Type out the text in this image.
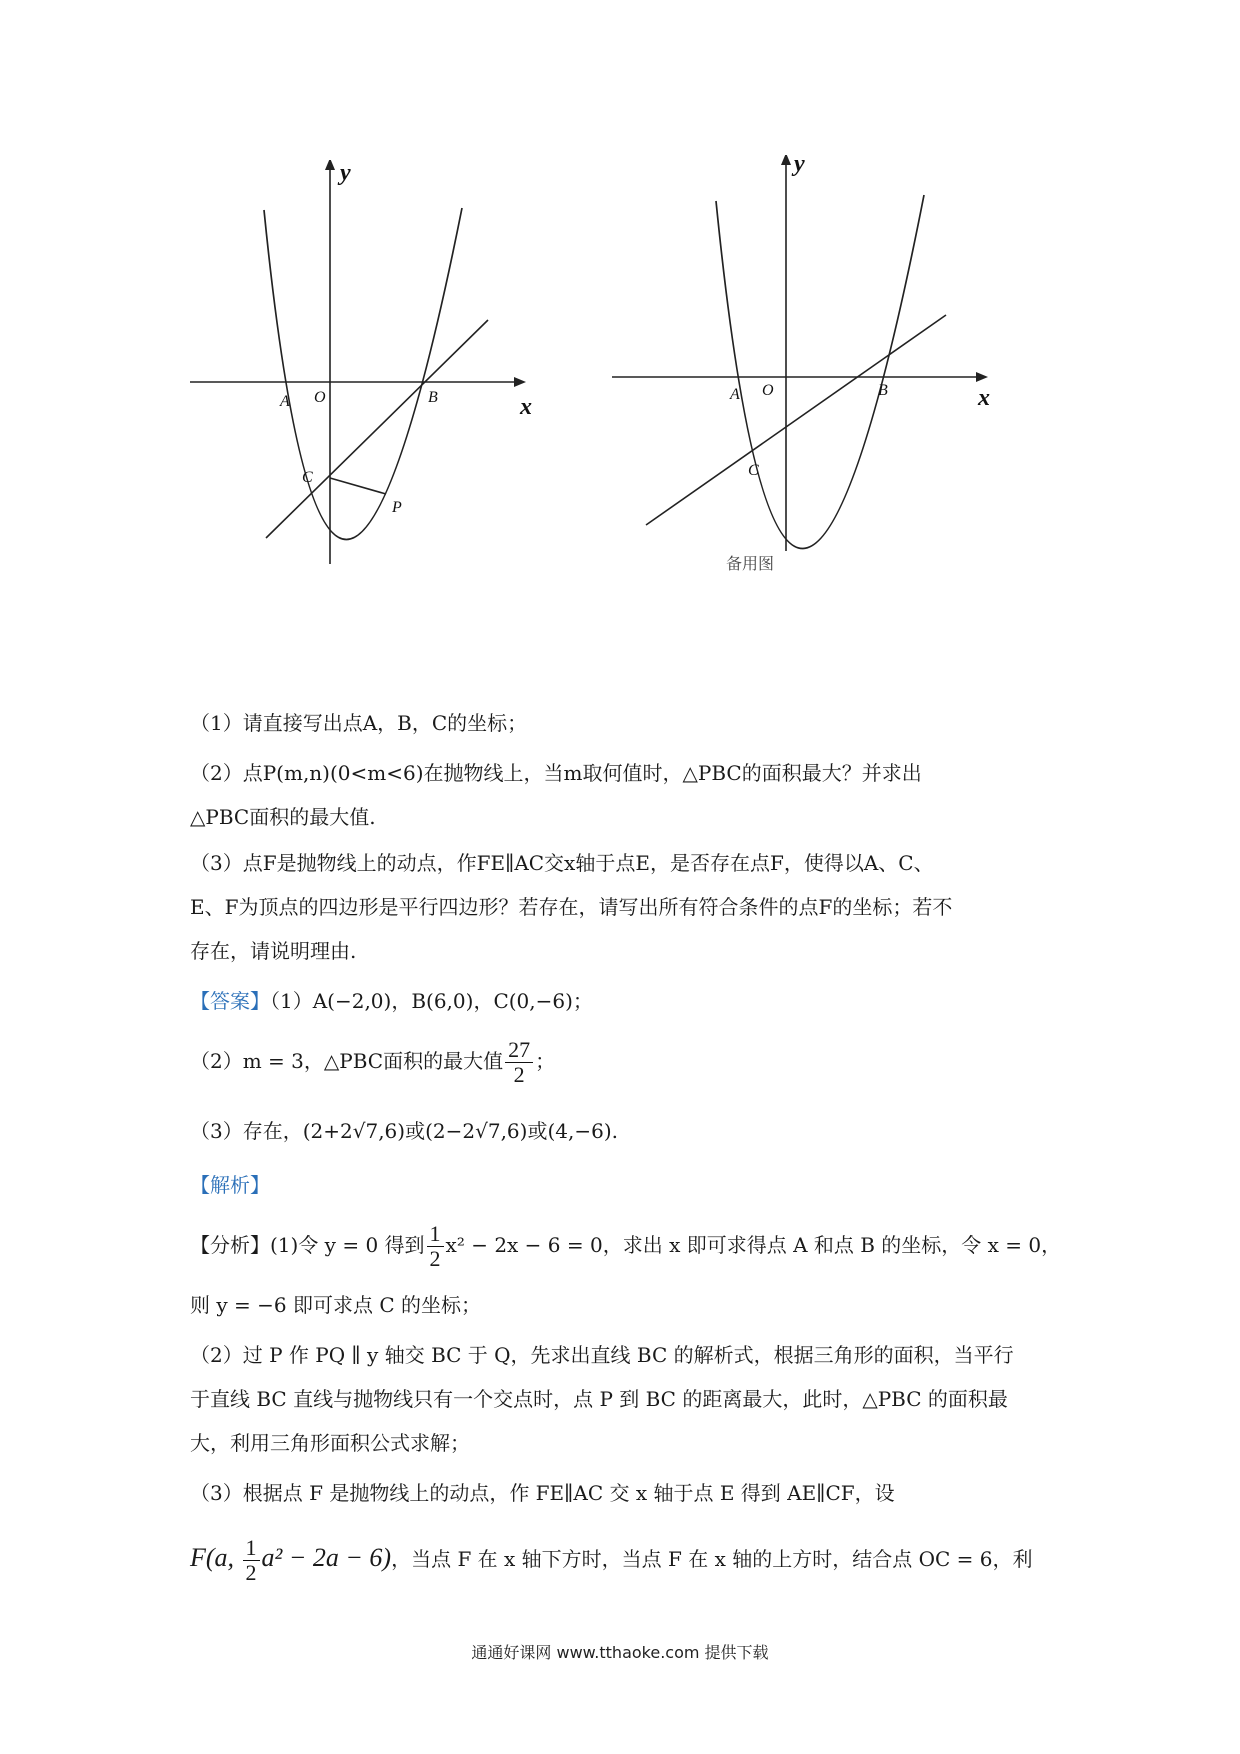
y
x
A O	B
C
P
y
x
A O	B
C
备用图
（1）请直接写出点A，B，C的坐标；
（2）点P(m,n)(0<m<6)在抛物线上，当m取何值时，△PBC的面积最大？并求出
△PBC面积的最大值.
（3）点F是抛物线上的动点，作FE∥AC交x轴于点E，是否存在点F，使得以A、C、
E、F为顶点的四边形是平行四边形？若存在，请写出所有符合条件的点F的坐标；若不
存在，请说明理由.
【答案】（1）A(−2,0)，B(6,0)，C(0,−6)；
（2）m = 3，△PBC面积的最大值 $\frac{27}{2}$ ；
（3）存在，(2+2√7,6)或(2−2√7,6)或(4,−6).
【解析】
【分析】(1)令 y = 0 得到 $\frac{1}{2} x^2 - 2x - 6 = 0$，求出 x 即可求得点 A 和点 B 的坐标，令 x = 0，
则 y = −6 即可求点 C 的坐标；
（2）过 P 作 PQ ∥ y 轴交 BC 于 Q，先求出直线 BC 的解析式，根据三角形的面积，当平行
于直线 BC 直线与抛物线只有一个交点时，点 P 到 BC 的距离最大，此时，△PBC 的面积最
大，利用三角形面积公式求解；
（3）根据点 F 是抛物线上的动点，作 FE∥AC 交 x 轴于点 E 得到 AE∥CF，设
F(a, $\frac{1}{2} a^2 - 2a - 6$)，当点 F 在 x 轴下方时，当点 F 在 x 轴的上方时，结合点 OC = 6，利
通通好课网 www.tthaoke.com 提供下载
